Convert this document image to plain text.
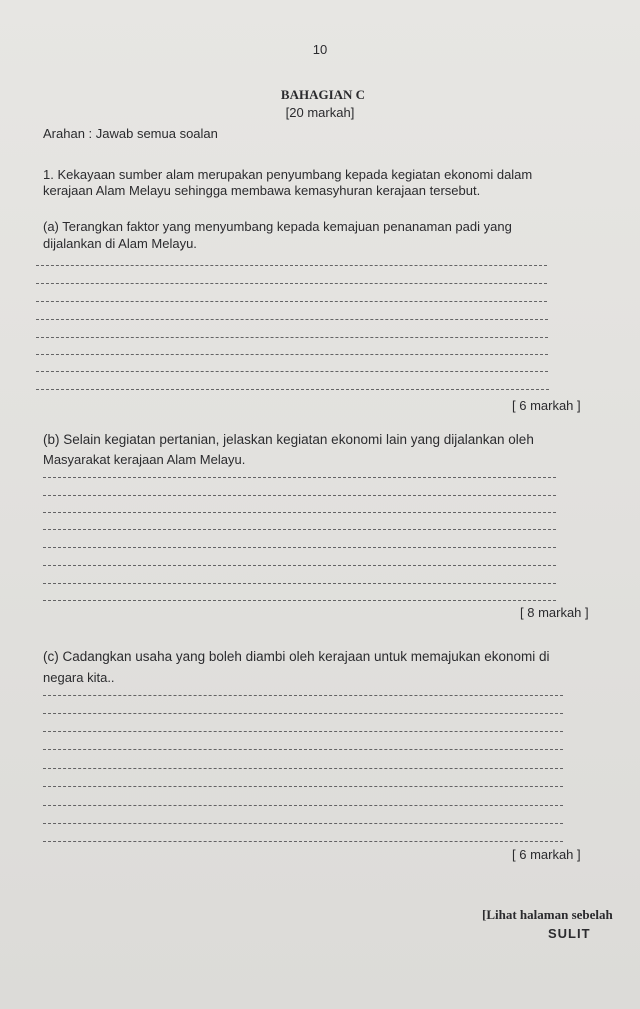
10
BAHAGIAN C
[20 markah]
Arahan : Jawab semua soalan
1. Kekayaan sumber alam merupakan penyumbang kepada kegiatan ekonomi dalam
kerajaan Alam Melayu sehingga membawa kemasyhuran kerajaan tersebut.
(a) Terangkan faktor yang menyumbang kepada kemajuan penanaman padi yang
dijalankan di Alam Melayu.
[ 6 markah ]
(b) Selain kegiatan pertanian, jelaskan kegiatan ekonomi lain yang dijalankan oleh
Masyarakat kerajaan Alam Melayu.
[ 8 markah ]
(c) Cadangkan usaha yang boleh diambi oleh kerajaan untuk memajukan ekonomi di
negara kita..
[ 6 markah ]
[Lihat halaman sebelah
SULIT
